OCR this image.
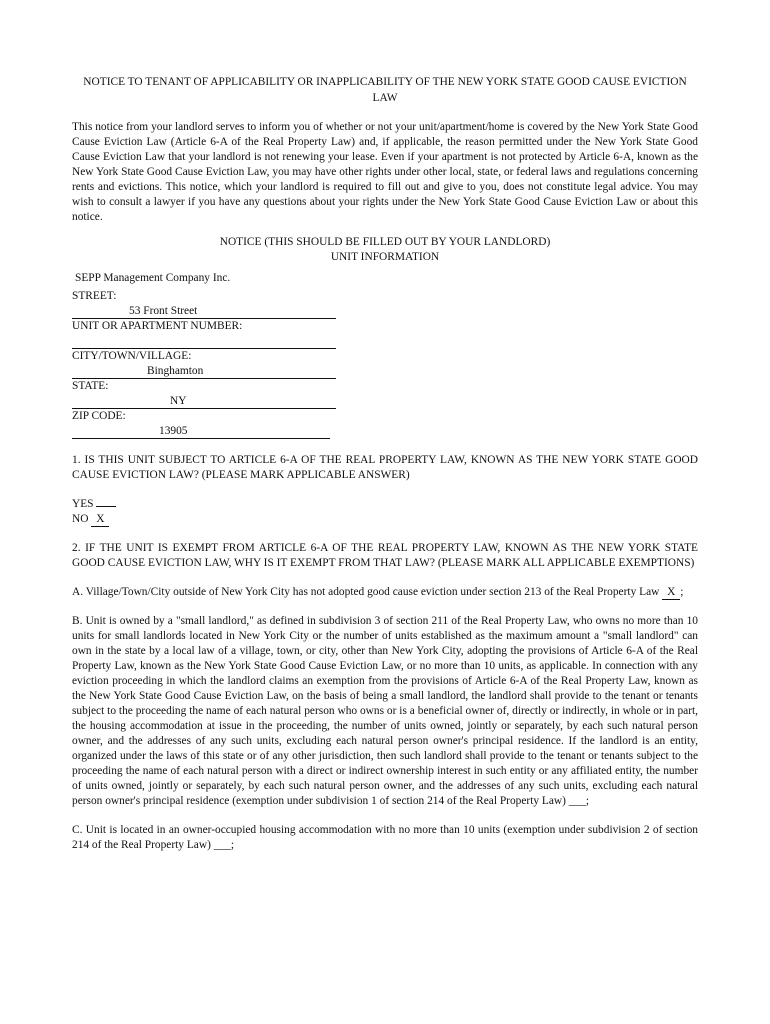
NOTICE TO TENANT OF APPLICABILITY OR INAPPLICABILITY OF THE NEW YORK STATE GOOD CAUSE EVICTION LAW

This notice from your landlord serves to inform you of whether or not your unit/apartment/home is covered by the New York State Good Cause Eviction Law (Article 6-A of the Real Property Law) and, if applicable, the reason permitted under the New York State Good Cause Eviction Law that your landlord is not renewing your lease. Even if your apartment is not protected by Article 6-A, known as the New York State Good Cause Eviction Law, you may have other rights under other local, state, or federal laws and regulations concerning rents and evictions. This notice, which your landlord is required to fill out and give to you, does not constitute legal advice. You may wish to consult a lawyer if you have any questions about your rights under the New York State Good Cause Eviction Law or about this notice.

NOTICE (THIS SHOULD BE FILLED OUT BY YOUR LANDLORD)

UNIT INFORMATION

SEPP Management Company Inc.

STREET:

53 Front Street

UNIT OR APARTMENT NUMBER:

CITY/TOWN/VILLAGE:

Binghamton

STATE:

NY

ZIP CODE:

13905

1. IS THIS UNIT SUBJECT TO ARTICLE 6-A OF THE REAL PROPERTY LAW, KNOWN AS THE NEW YORK STATE GOOD CAUSE EVICTION LAW? (PLEASE MARK APPLICABLE ANSWER)

YES

NO X

2. IF THE UNIT IS EXEMPT FROM ARTICLE 6-A OF THE REAL PROPERTY LAW, KNOWN AS THE NEW YORK STATE GOOD CAUSE EVICTION LAW, WHY IS IT EXEMPT FROM THAT LAW? (PLEASE MARK ALL APPLICABLE EXEMPTIONS)

A. Village/Town/City outside of New York City has not adopted good cause eviction under section 213 of the Real Property Law X ;

B. Unit is owned by a "small landlord," as defined in subdivision 3 of section 211 of the Real Property Law, who owns no more than 10 units for small landlords located in New York City or the number of units established as the maximum amount a "small landlord" can own in the state by a local law of a village, town, or city, other than New York City, adopting the provisions of Article 6-A of the Real Property Law, known as the New York State Good Cause Eviction Law, or no more than 10 units, as applicable. In connection with any eviction proceeding in which the landlord claims an exemption from the provisions of Article 6-A of the Real Property Law, known as the New York State Good Cause Eviction Law, on the basis of being a small landlord, the landlord shall provide to the tenant or tenants subject to the proceeding the name of each natural person who owns or is a beneficial owner of, directly or indirectly, in whole or in part, the housing accommodation at issue in the proceeding, the number of units owned, jointly or separately, by each such natural person owner, and the addresses of any such units, excluding each natural person owner's principal residence. If the landlord is an entity, organized under the laws of this state or of any other jurisdiction, then such landlord shall provide to the tenant or tenants subject to the proceeding the name of each natural person with a direct or indirect ownership interest in such entity or any affiliated entity, the number of units owned, jointly or separately, by each such natural person owner, and the addresses of any such units, excluding each natural person owner's principal residence (exemption under subdivision 1 of section 214 of the Real Property Law) ___;

C. Unit is located in an owner-occupied housing accommodation with no more than 10 units (exemption under subdivision 2 of section 214 of the Real Property Law) ___;
